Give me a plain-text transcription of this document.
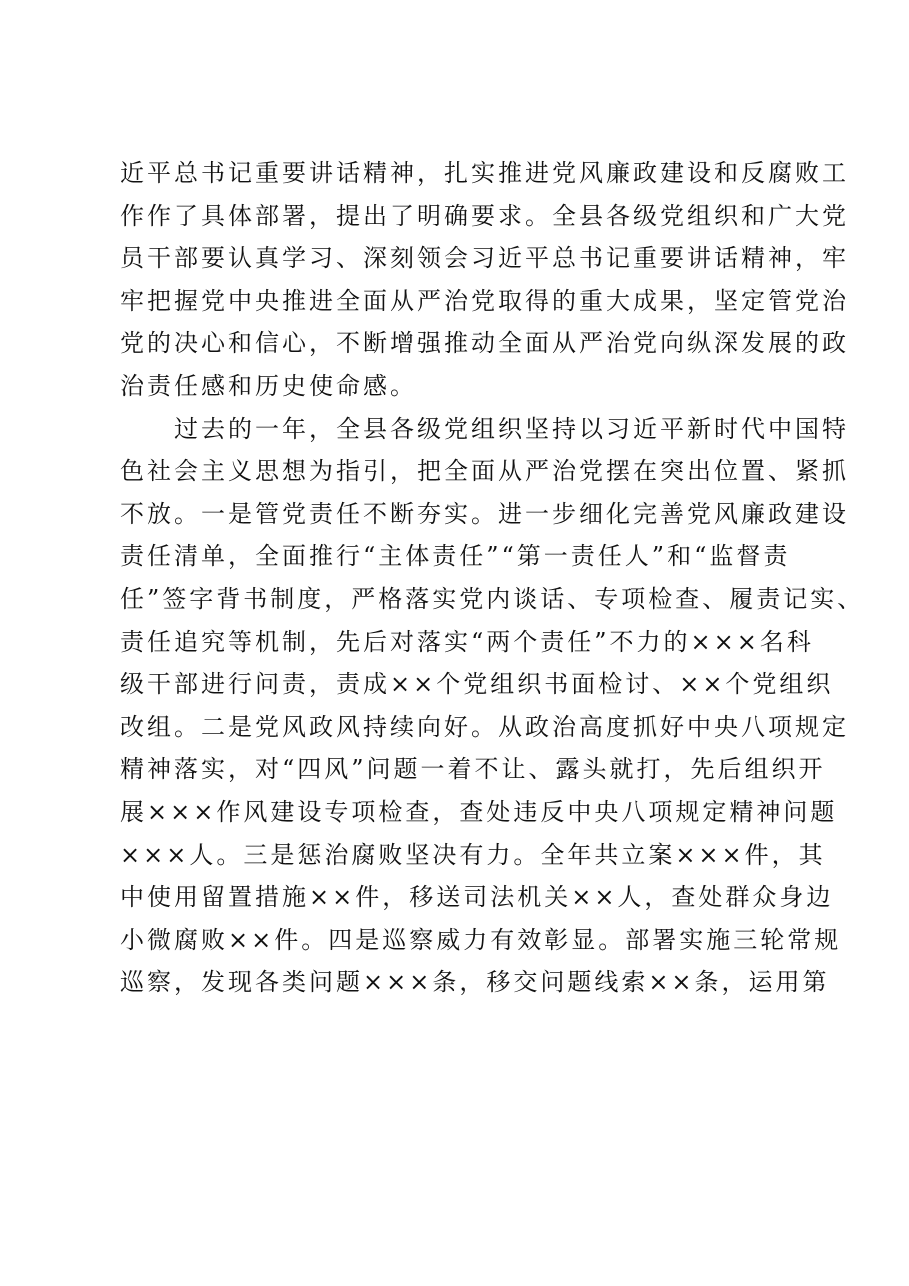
近平总书记重要讲话精神，扎实推进党风廉政建设和反腐败工
作作了具体部署，提出了明确要求。全县各级党组织和广大党
员干部要认真学习、深刻领会习近平总书记重要讲话精神，牢
牢把握党中央推进全面从严治党取得的重大成果，坚定管党治
党的决心和信心，不断增强推动全面从严治党向纵深发展的政
治责任感和历史使命感。
过去的一年，全县各级党组织坚持以习近平新时代中国特
色社会主义思想为指引，把全面从严治党摆在突出位置、紧抓
不放。一是管党责任不断夯实。进一步细化完善党风廉政建设
责任清单，全面推行“主体责任”“第一责任人”和“监督责
任”签字背书制度，严格落实党内谈话、专项检查、履责记实、
责任追究等机制，先后对落实“两个责任”不力的×××名科
级干部进行问责，责成××个党组织书面检讨、××个党组织
改组。二是党风政风持续向好。从政治高度抓好中央八项规定
精神落实，对“四风”问题一着不让、露头就打，先后组织开
展×××作风建设专项检查，查处违反中央八项规定精神问题
×××人。三是惩治腐败坚决有力。全年共立案×××件，其
中使用留置措施××件，移送司法机关××人，查处群众身边
小微腐败××件。四是巡察威力有效彰显。部署实施三轮常规
巡察，发现各类问题×××条，移交问题线索××条，运用第
